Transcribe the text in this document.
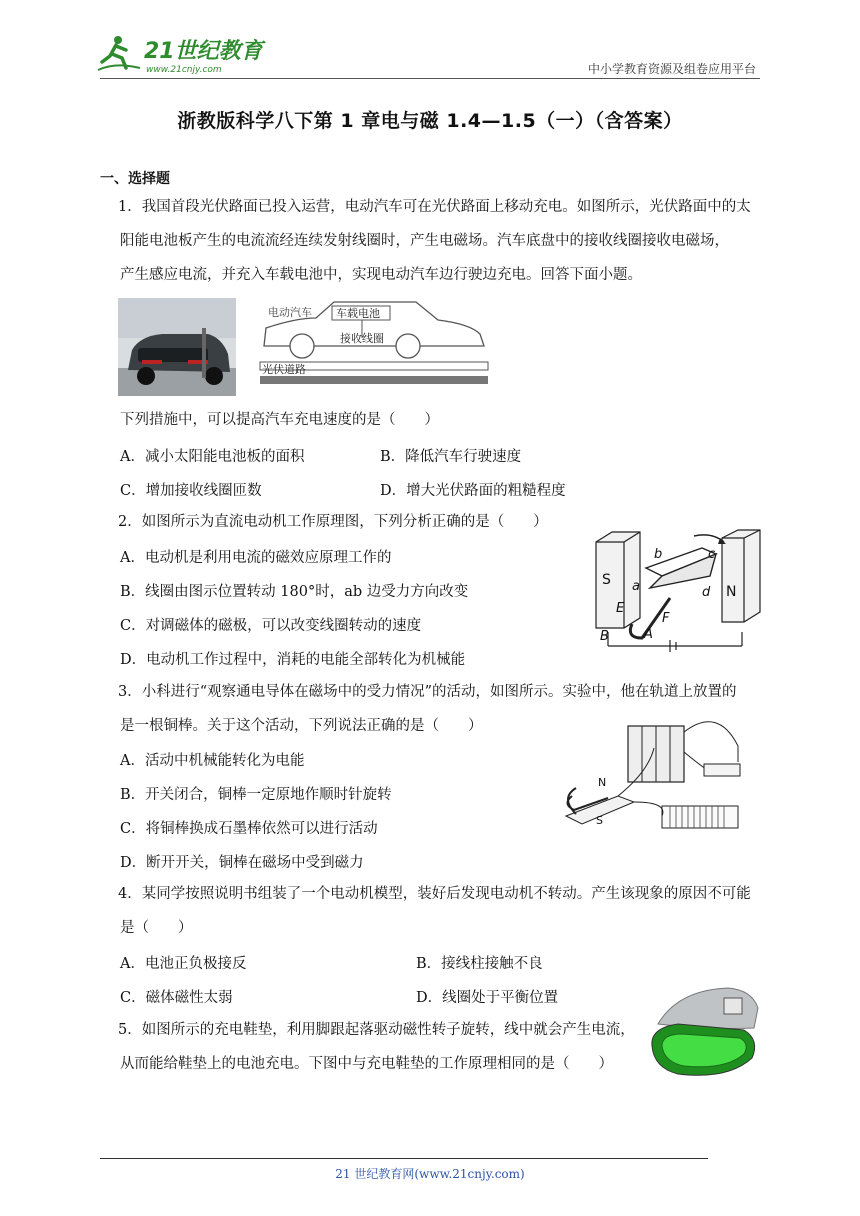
21世纪教育
www.21cnjy.com	中小学教育资源及组卷应用平台
浙教版科学八下第 1 章电与磁 1.4—1.5（一）（含答案）
一、选择题
1．我国首段光伏路面已投入运营，电动汽车可在光伏路面上移动充电。如图所示，光伏路面中的太
阳能电池板产生的电流流经连续发射线圈时，产生电磁场。汽车底盘中的接收线圈接收电磁场，
产生感应电流，并充入车载电池中，实现电动汽车边行驶边充电。回答下面小题。
电动汽车 车载电池
接收线圈
光伏道路
下列措施中，可以提高汽车充电速度的是（　　）
A．减小太阳能电池板的面积	B．降低汽车行驶速度
C．增加接收线圈匝数	D．增大光伏路面的粗糙程度
2．如图所示为直流电动机工作原理图，下列分析正确的是（　　）
A．电动机是利用电流的磁效应原理工作的
B．线圈由图示位置转动 180°时，ab 边受力方向改变
C．对调磁体的磁极，可以改变线圈转动的速度
D．电动机工作过程中，消耗的电能全部转化为机械能
S
N
a
b	c
d
E
F
A
B
3．小科进行“观察通电导体在磁场中的受力情况”的活动，如图所示。实验中，他在轨道上放置的
是一根铜棒。关于这个活动，下列说法正确的是（　　）
A．活动中机械能转化为电能
B．开关闭合，铜棒一定原地作顺时针旋转
C．将铜棒换成石墨棒依然可以进行活动
D．断开开关，铜棒在磁场中受到磁力
N
S
4．某同学按照说明书组装了一个电动机模型，装好后发现电动机不转动。产生该现象的原因不可能
是（　　）
A．电池正负极接反	B．接线柱接触不良
C．磁体磁性太弱	D．线圈处于平衡位置
5．如图所示的充电鞋垫，利用脚跟起落驱动磁性转子旋转，线中就会产生电流，
从而能给鞋垫上的电池充电。下图中与充电鞋垫的工作原理相同的是（　　）
21 世纪教育网(www.21cnjy.com)
